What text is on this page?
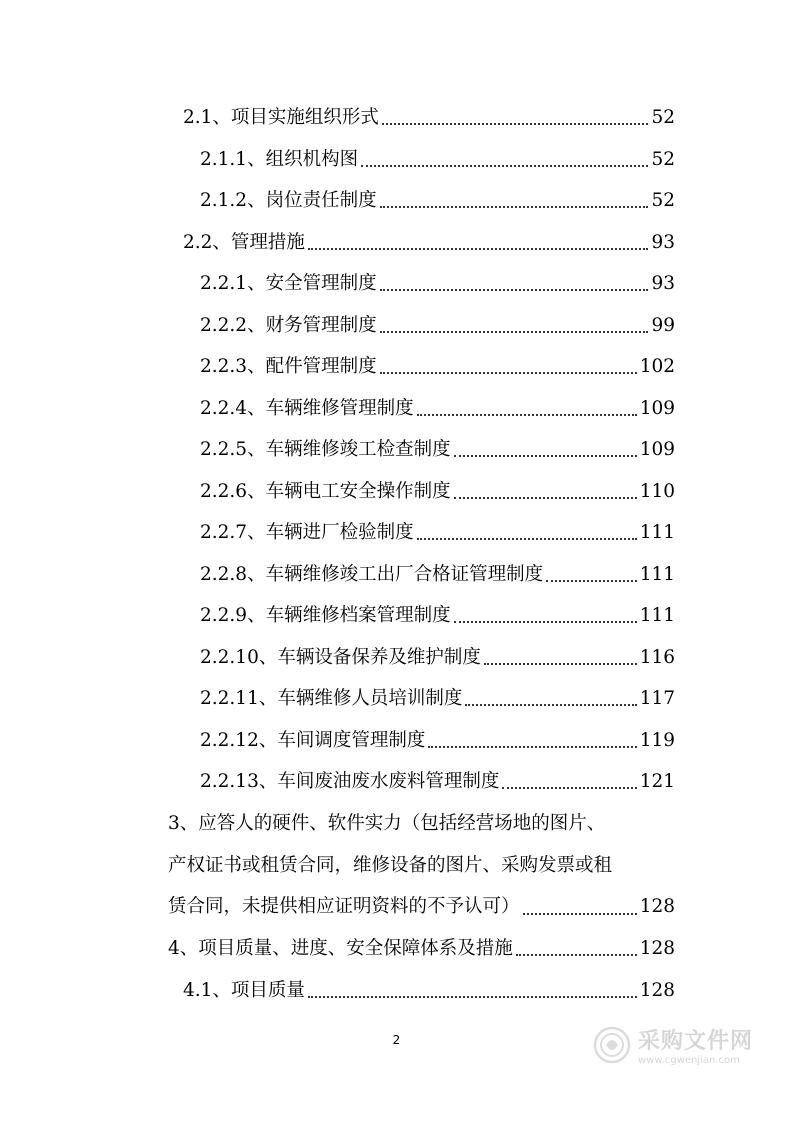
2.1、项目实施组织形式	52
2.1.1、组织机构图	52
2.1.2、岗位责任制度	52
2.2、管理措施	93
2.2.1、安全管理制度	93
2.2.2、财务管理制度	99
2.2.3、配件管理制度	102
2.2.4、车辆维修管理制度	109
2.2.5、车辆维修竣工检查制度	109
2.2.6、车辆电工安全操作制度	110
2.2.7、车辆进厂检验制度	111
2.2.8、车辆维修竣工出厂合格证管理制度	111
2.2.9、车辆维修档案管理制度	111
2.2.10、车辆设备保养及维护制度	116
2.2.11、车辆维修人员培训制度	117
2.2.12、车间调度管理制度	119
2.2.13、车间废油废水废料管理制度	121
3、应答人的硬件、软件实力（包括经营场地的图片、
产权证书或租赁合同，维修设备的图片、采购发票或租
赁合同，未提供相应证明资料的不予认可）	128
4、项目质量、进度、安全保障体系及措施	128
4.1、项目质量	128
2	采购文件网
www.cgwenjian.com
